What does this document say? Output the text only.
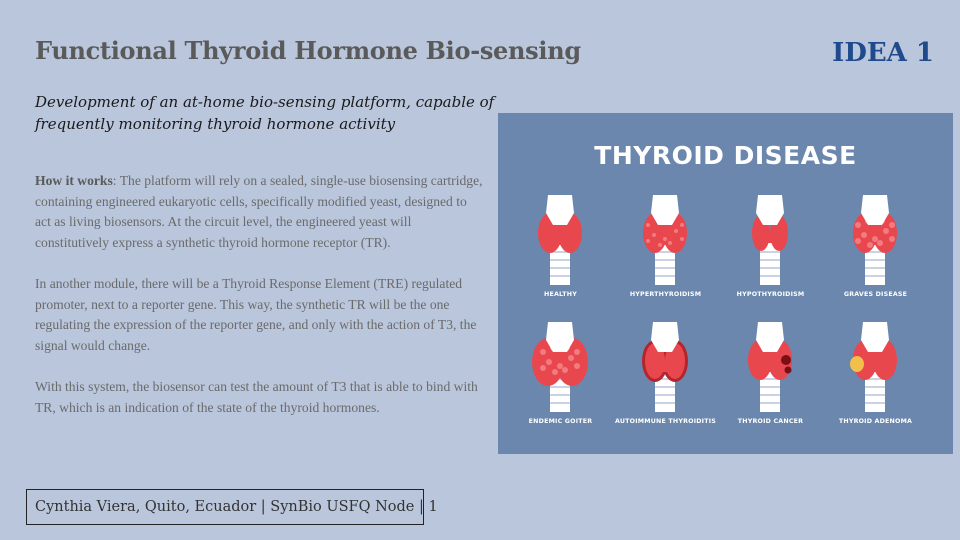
Functional Thyroid Hormone Bio-sensing	IDEA 1
Development of an at-home bio-sensing platform, capable of frequently monitoring thyroid hormone activity

How it works: The platform will rely on a sealed, single-use biosensing cartridge, containing engineered eukaryotic cells, specifically modified yeast, designed to act as living biosensors. At the circuit level, the engineered yeast will constitutively express a synthetic thyroid hormone receptor (TR).

In another module, there will be a Thyroid Response Element (TRE) regulated promoter, next to a reporter gene. This way, the synthetic TR will be the one regulating the expression of the reporter gene, and only with the action of T3, the signal would change.

With this system, the biosensor can test the amount of T3 that is able to bind with TR, which is an indication of the state of the thyroid hormones.

Cynthia Viera, Quito, Ecuador | SynBio USFQ Node | 1
THYROID DISEASE
HEALTHY	HYPERTHYROIDISM	HYPOTHYROIDISM	GRAVES DISEASE
ENDEMIC GOITER	AUTOIMMUNE THYROIDITIS	THYROID CANCER	THYROID ADENOMA
